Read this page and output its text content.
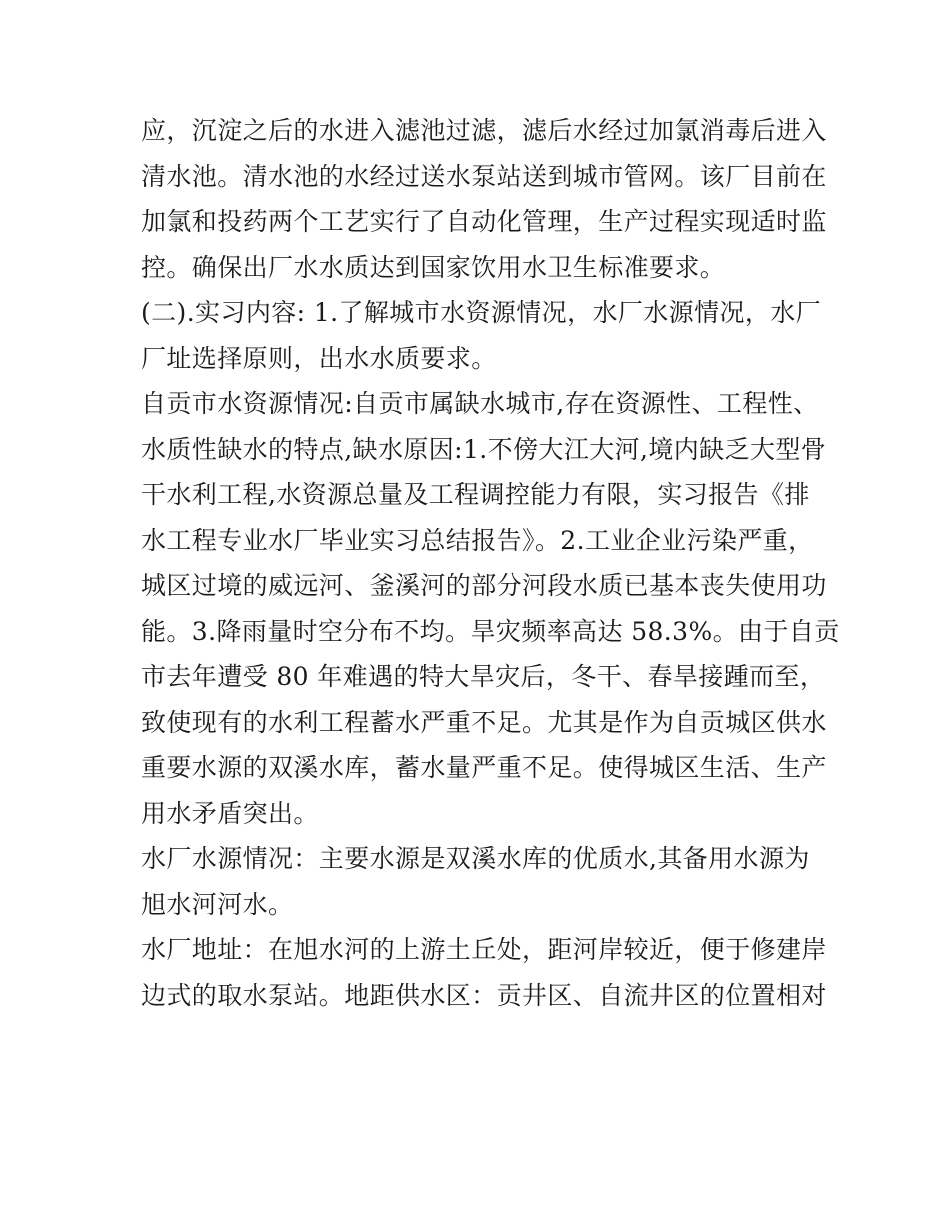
应，沉淀之后的水进入滤池过滤，滤后水经过加氯消毒后进入

清水池。清水池的水经过送水泵站送到城市管网。该厂目前在

加氯和投药两个工艺实行了自动化管理，生产过程实现适时监

控。确保出厂水水质达到国家饮用水卫生标准要求。

(二).实习内容: 1.了解城市水资源情况，水厂水源情况，水厂

厂址选择原则，出水水质要求。

自贡市水资源情况:自贡市属缺水城市,存在资源性、工程性、

水质性缺水的特点,缺水原因:1.不傍大江大河,境内缺乏大型骨

干水利工程,水资源总量及工程调控能力有限，实习报告《排

水工程专业水厂毕业实习总结报告》。2.工业企业污染严重，

城区过境的威远河、釜溪河的部分河段水质已基本丧失使用功

能。3.降雨量时空分布不均。旱灾频率高达 58.3%。由于自贡

市去年遭受 80 年难遇的特大旱灾后，冬干、春旱接踵而至，

致使现有的水利工程蓄水严重不足。尤其是作为自贡城区供水

重要水源的双溪水库，蓄水量严重不足。使得城区生活、生产

用水矛盾突出。

水厂水源情况：主要水源是双溪水库的优质水,其备用水源为

旭水河河水。

水厂地址：在旭水河的上游土丘处，距河岸较近，便于修建岸

边式的取水泵站。地距供水区：贡井区、自流井区的位置相对
